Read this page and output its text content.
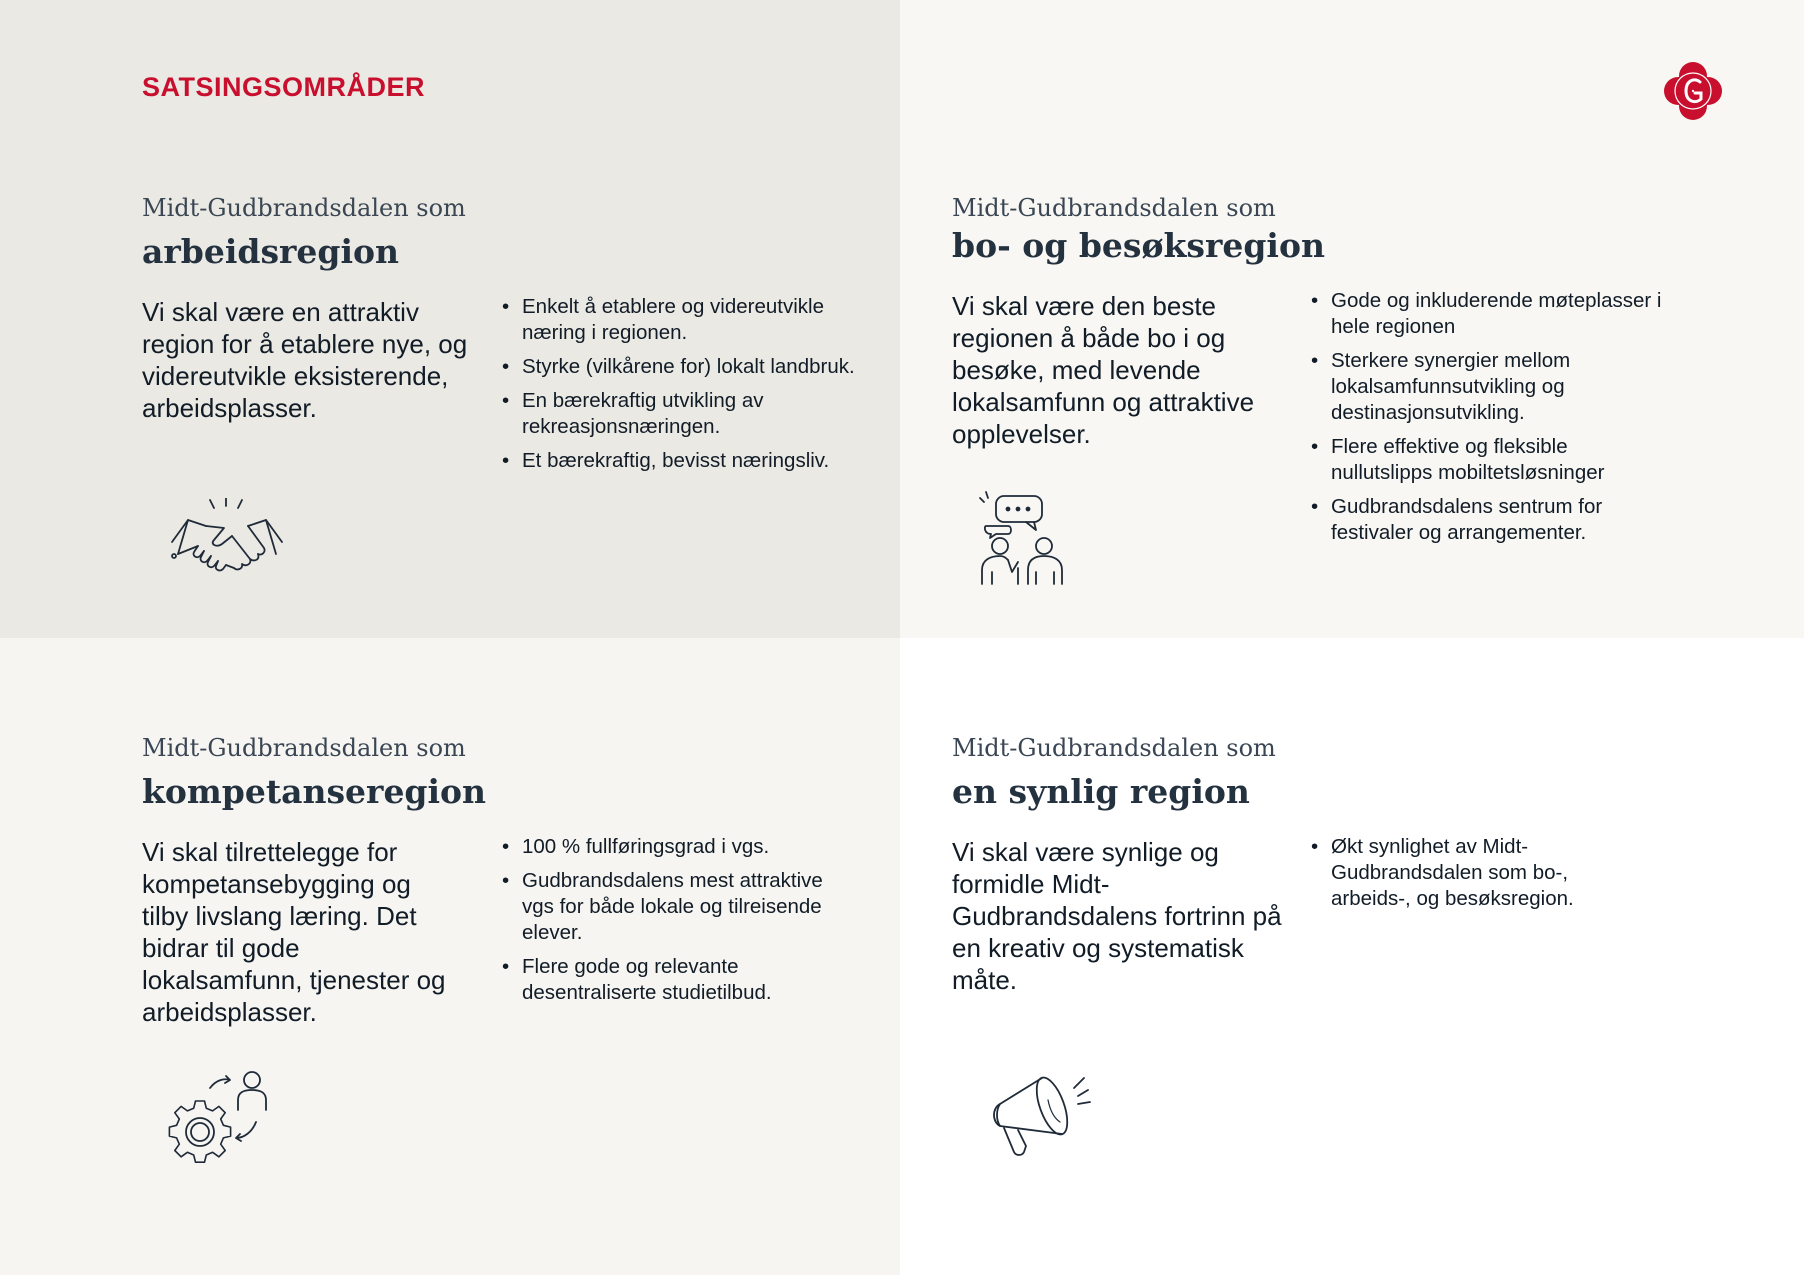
SATSINGSOMRÅDER

Midt-Gudbrandsdalen som

arbeidsregion

Vi skal være en attraktiv region for å etablere nye, og videreutvikle eksisterende, arbeidsplasser.

• Enkelt å etablere og videreutvikle næring i regionen.
• Styrke (vilkårene for) lokalt landbruk.
• En bærekraftig utvikling av rekreasjonsnæringen.
• Et bærekraftig, bevisst næringsliv.

Midt-Gudbrandsdalen som

bo- og besøksregion

Vi skal være den beste regionen å både bo i og besøke, med levende lokalsamfunn og attraktive opplevelser.

• Gode og inkluderende møteplasser i hele regionen
• Sterkere synergier mellom lokalsamfunnsutvikling og destinasjonsutvikling.
• Flere effektive og fleksible nullutslipps mobiltetsløsninger
• Gudbrandsdalens sentrum for festivaler og arrangementer.

Midt-Gudbrandsdalen som

kompetanseregion

Vi skal tilrettelegge for kompetansebygging og tilby livslang læring. Det bidrar til gode lokalsamfunn, tjenester og arbeidsplasser.

• 100 % fullføringsgrad i vgs.
• Gudbrandsdalens mest attraktive vgs for både lokale og tilreisende elever.
• Flere gode og relevante desentraliserte studietilbud.

Midt-Gudbrandsdalen som

en synlig region

Vi skal være synlige og formidle Midt-Gudbrandsdalens fortrinn på en kreativ og systematisk måte.

• Økt synlighet av Midt-Gudbrandsdalen som bo-, arbeids-, og besøksregion.
